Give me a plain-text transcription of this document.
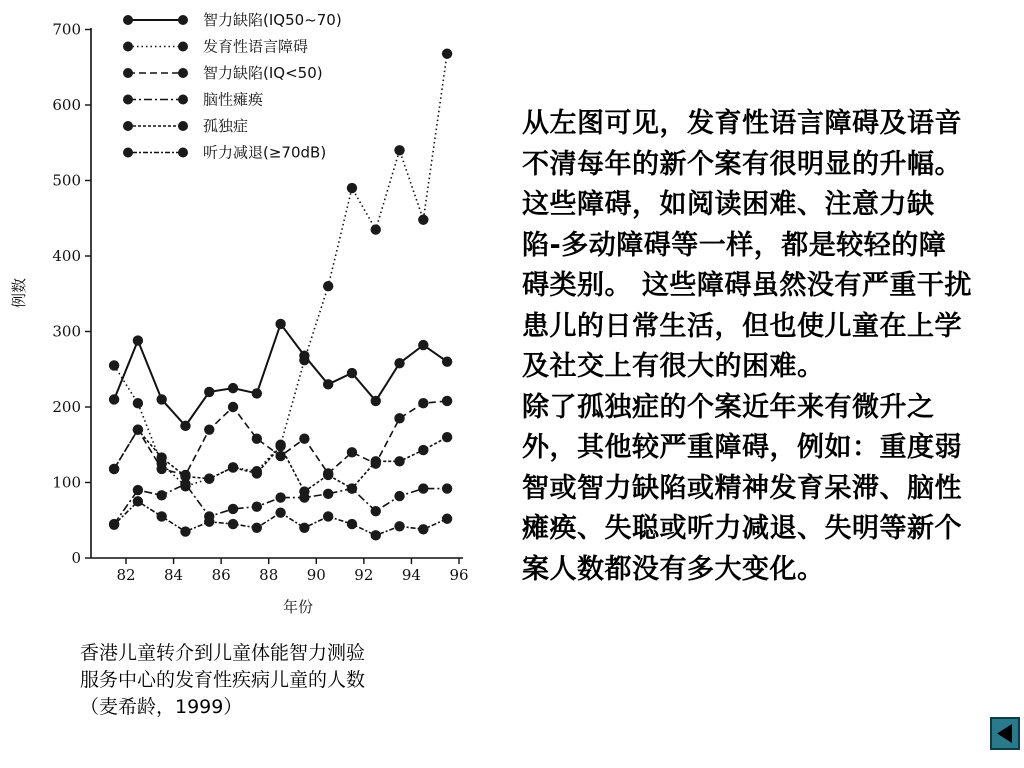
0
100
200
300
400
500
600
700
82 84 86 88 90 92 94 96
智力缺陷(IQ50~70)
发育性语言障碍
智力缺陷(IQ<50)
脑性瘫痪
孤独症
听力减退(≥70dB)
例数
年份
香港儿童转介到儿童体能智力测验
服务中心的发育性疾病儿童的人数
（麦希龄，1999）

从左图可见，发育性语言障碍及语音不清每年的新个案有很明显的升幅。 这些障碍，如阅读困难、注意力缺陷-多动障碍等一样，都是较轻的障碍类别。 这些障碍虽然没有严重干扰患儿的日常生活，但也使儿童在上学及社交上有很大的困难。

除了孤独症的个案近年来有微升之外，其他较严重障碍，例如：重度弱智或智力缺陷或精神发育呆滞、脑性瘫痪、失聪或听力减退、失明等新个案人数都没有多大变化。
